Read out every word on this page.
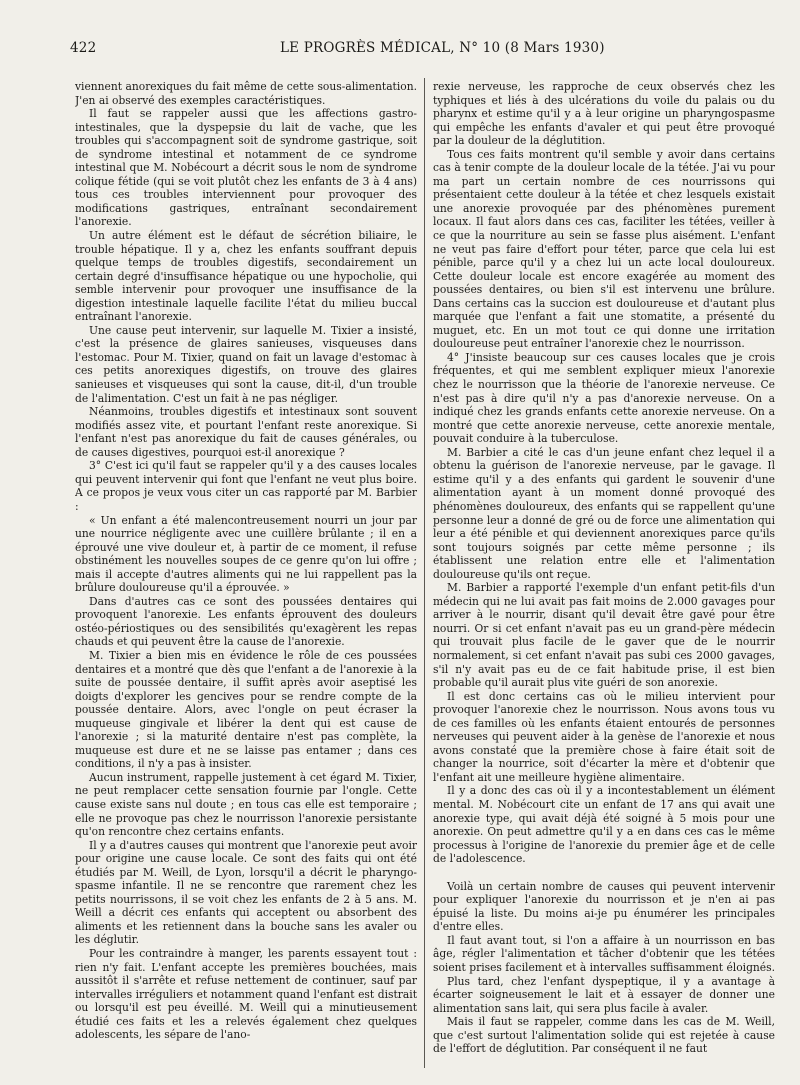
422	LE PROGRÈS MÉDICAL, N° 10 (8 Mars 1930)

viennent anorexiques du fait même de cette sous-alimentation. J'en ai observé des exemples caractéristiques.

Il faut se rappeler aussi que les affections gastro-intestinales, que la dyspepsie du lait de vache, que les troubles qui s'accompagnent soit de syndrome gastrique, soit de syndrome intestinal et notamment de ce syndrome intestinal que M. Nobécourt a décrit sous le nom de syndrome colique fétide (qui se voit plutôt chez les enfants de 3 à 4 ans) tous ces troubles interviennent pour provoquer des modifications gastriques, entraînant secondairement l'anorexie.

Un autre élément est le défaut de sécrétion biliaire, le trouble hépatique. Il y a, chez les enfants souffrant depuis quelque temps de troubles digestifs, secondairement un certain degré d'insuffisance hépatique ou une hypocholie, qui semble intervenir pour provoquer une insuffisance de la digestion intestinale laquelle facilite l'état du milieu buccal entraînant l'anorexie.

Une cause peut intervenir, sur laquelle M. Tixier a insisté, c'est la présence de glaires sanieuses, visqueuses dans l'estomac. Pour M. Tixier, quand on fait un lavage d'estomac à ces petits anorexiques digestifs, on trouve des glaires sanieuses et visqueuses qui sont la cause, dit-il, d'un trouble de l'alimentation. C'est un fait à ne pas négliger.

Néanmoins, troubles digestifs et intestinaux sont souvent modifiés assez vite, et pourtant l'enfant reste anorexique. Si l'enfant n'est pas anorexique du fait de causes générales, ou de causes digestives, pourquoi est-il anorexique ?

3° C'est ici qu'il faut se rappeler qu'il y a des causes locales qui peuvent intervenir qui font que l'enfant ne veut plus boire. A ce propos je veux vous citer un cas rapporté par M. Barbier :

« Un enfant a été malencontreusement nourri un jour par une nourrice négligente avec une cuillère brûlante ; il en a éprouvé une vive douleur et, à partir de ce moment, il refuse obstinément les nouvelles soupes de ce genre qu'on lui offre ; mais il accepte d'autres aliments qui ne lui rappellent pas la brûlure douloureuse qu'il a éprouvée. »

Dans d'autres cas ce sont des poussées dentaires qui provoquent l'anorexie. Les enfants éprouvent des douleurs ostéo-périostiques ou des sensibilités qu'exagèrent les repas chauds et qui peuvent être la cause de l'anorexie.

M. Tixier a bien mis en évidence le rôle de ces poussées dentaires et a montré que dès que l'enfant a de l'anorexie à la suite de poussée dentaire, il suffit après avoir aseptisé les doigts d'explorer les gencives pour se rendre compte de la poussée dentaire. Alors, avec l'ongle on peut écraser la muqueuse gingivale et libérer la dent qui est cause de l'anorexie ; si la maturité dentaire n'est pas complète, la muqueuse est dure et ne se laisse pas entamer ; dans ces conditions, il n'y a pas à insister.

Aucun instrument, rappelle justement à cet égard M. Tixier, ne peut remplacer cette sensation fournie par l'ongle. Cette cause existe sans nul doute ; en tous cas elle est temporaire ; elle ne provoque pas chez le nourrisson l'anorexie persistante qu'on rencontre chez certains enfants.

Il y a d'autres causes qui montrent que l'anorexie peut avoir pour origine une cause locale. Ce sont des faits qui ont été étudiés par M. Weill, de Lyon, lorsqu'il a décrit le pharyngo-spasme infantile. Il ne se rencontre que rarement chez les petits nourrissons, il se voit chez les enfants de 2 à 5 ans. M. Weill a décrit ces enfants qui acceptent ou absorbent des aliments et les retiennent dans la bouche sans les avaler ou les déglutir.

Pour les contraindre à manger, les parents essayent tout : rien n'y fait. L'enfant accepte les premières bouchées, mais aussitôt il s'arrête et refuse nettement de continuer, sauf par intervalles irréguliers et notamment quand l'enfant est distrait ou lorsqu'il est peu éveillé. M. Weill qui a minutieusement étudié ces faits et les a relevés également chez quelques adolescents, les sépare de l'ano-

rexie nerveuse, les rapproche de ceux observés chez les typhiques et liés à des ulcérations du voile du palais ou du pharynx et estime qu'il y a à leur origine un pharyngospasme qui empêche les enfants d'avaler et qui peut être provoqué par la douleur de la déglutition.

Tous ces faits montrent qu'il semble y avoir dans certains cas à tenir compte de la douleur locale de la tétée. J'ai vu pour ma part un certain nombre de ces nourrissons qui présentaient cette douleur à la tétée et chez lesquels existait une anorexie provoquée par des phénomènes purement locaux. Il faut alors dans ces cas, faciliter les tétées, veiller à ce que la nourriture au sein se fasse plus aisément. L'enfant ne veut pas faire d'effort pour téter, parce que cela lui est pénible, parce qu'il y a chez lui un acte local douloureux. Cette douleur locale est encore exagérée au moment des poussées dentaires, ou bien s'il est intervenu une brûlure. Dans certains cas la succion est douloureuse et d'autant plus marquée que l'enfant a fait une stomatite, a présenté du muguet, etc. En un mot tout ce qui donne une irritation douloureuse peut entraîner l'anorexie chez le nourrisson.

4° J'insiste beaucoup sur ces causes locales que je crois fréquentes, et qui me semblent expliquer mieux l'anorexie chez le nourrisson que la théorie de l'anorexie nerveuse. Ce n'est pas à dire qu'il n'y a pas d'anorexie nerveuse. On a indiqué chez les grands enfants cette anorexie nerveuse. On a montré que cette anorexie nerveuse, cette anorexie mentale, pouvait conduire à la tuberculose.

M. Barbier a cité le cas d'un jeune enfant chez lequel il a obtenu la guérison de l'anorexie nerveuse, par le gavage. Il estime qu'il y a des enfants qui gardent le souvenir d'une alimentation ayant à un moment donné provoqué des phénomènes douloureux, des enfants qui se rappellent qu'une personne leur a donné de gré ou de force une alimentation qui leur a été pénible et qui deviennent anorexiques parce qu'ils sont toujours soignés par cette même personne ; ils établissent une relation entre elle et l'alimentation douloureuse qu'ils ont reçue.

M. Barbier a rapporté l'exemple d'un enfant petit-fils d'un médecin qui ne lui avait pas fait moins de 2.000 gavages pour arriver à le nourrir, disant qu'il devait être gavé pour être nourri. Or si cet enfant n'avait pas eu un grand-père médecin qui trouvait plus facile de le gaver que de le nourrir normalement, si cet enfant n'avait pas subi ces 2000 gavages, s'il n'y avait pas eu de ce fait habitude prise, il est bien probable qu'il aurait plus vite guéri de son anorexie.

Il est donc certains cas où le milieu intervient pour provoquer l'anorexie chez le nourrisson. Nous avons tous vu de ces familles où les enfants étaient entourés de personnes nerveuses qui peuvent aider à la genèse de l'anorexie et nous avons constaté que la première chose à faire était soit de changer la nourrice, soit d'écarter la mère et d'obtenir que l'enfant ait une meilleure hygiène alimentaire.

Il y a donc des cas où il y a incontestablement un élément mental. M. Nobécourt cite un enfant de 17 ans qui avait une anorexie type, qui avait déjà été soigné à 5 mois pour une anorexie. On peut admettre qu'il y a en dans ces cas le même processus à l'origine de l'anorexie du premier âge et de celle de l'adolescence.

Voilà un certain nombre de causes qui peuvent intervenir pour expliquer l'anorexie du nourrisson et je n'en ai pas épuisé la liste. Du moins ai-je pu énumérer les principales d'entre elles.

Il faut avant tout, si l'on a affaire à un nourrisson en bas âge, régler l'alimentation et tâcher d'obtenir que les tétées soient prises facilement et à intervalles suffisamment éloignés.

Plus tard, chez l'enfant dyspeptique, il y a avantage à écarter soigneusement le lait et à essayer de donner une alimentation sans lait, qui sera plus facile à avaler.

Mais il faut se rappeler, comme dans les cas de M. Weill, que c'est surtout l'alimentation solide qui est rejetée à cause de l'effort de déglutition. Par conséquent il ne faut
